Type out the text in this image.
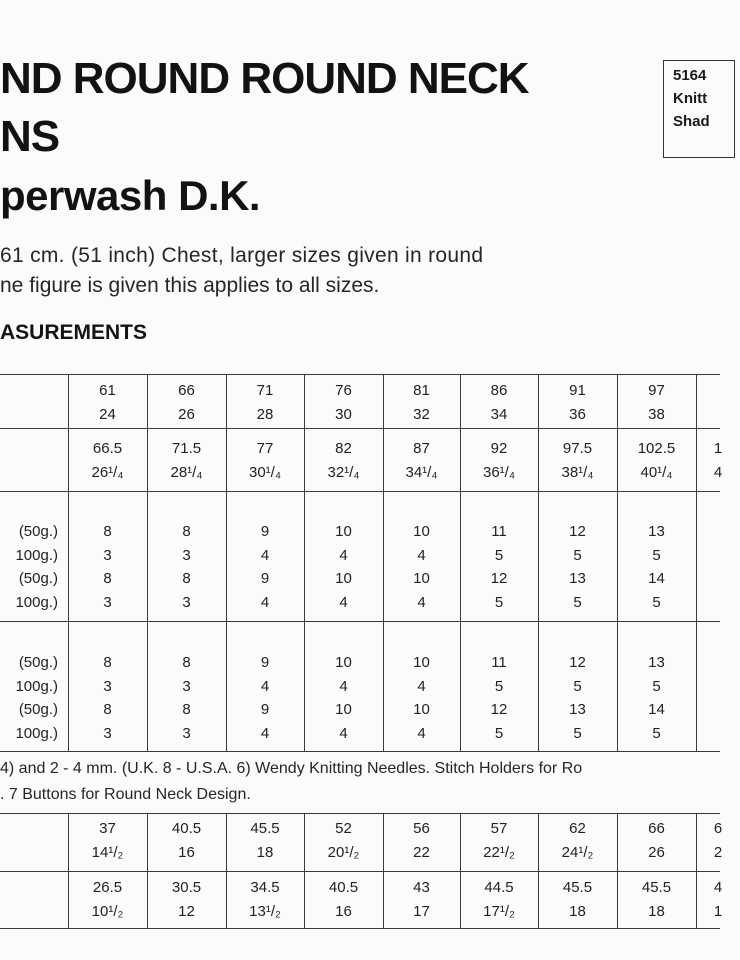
ND ROUND ROUND NECK
NS
perwash D.K.
5164
Knitt
Shad
61 cm. (51 inch) Chest, larger sizes given in round
ne figure is given this applies to all sizes.
ASUREMENTS
61
24
66
26
71
28
76
30
81
32
86
34
91
36
97
38
66.5
26¹/₄
71.5
28¹/₄
77
30¹/₄
82
32¹/₄
87
34¹/₄
92
36¹/₄
97.5
38¹/₄
102.5
40¹/₄
1
4
(50g.)
100g.)
(50g.)
100g.)
8
3
8
3
8
3
8
3
9
4
9
4
10
4
10
4
10
4
10
4
11
5
12
5
12
5
13
5
13
5
14
5
(50g.)
100g.)
(50g.)
100g.)
8
3
8
3
8
3
8
3
9
4
9
4
10
4
10
4
10
4
10
4
11
5
12
5
12
5
13
5
13
5
14
5
4) and 2 - 4 mm. (U.K. 8 - U.S.A. 6) Wendy Knitting Needles. Stitch Holders for Ro
. 7 Buttons for Round Neck Design.
37
14¹/₂
40.5
16
45.5
18
52
20¹/₂
56
22
57
22¹/₂
62
24¹/₂
66
26
6
2
26.5
10¹/₂
30.5
12
34.5
13¹/₂
40.5
16
43
17
44.5
17¹/₂
45.5
18
45.5
18
4
1
